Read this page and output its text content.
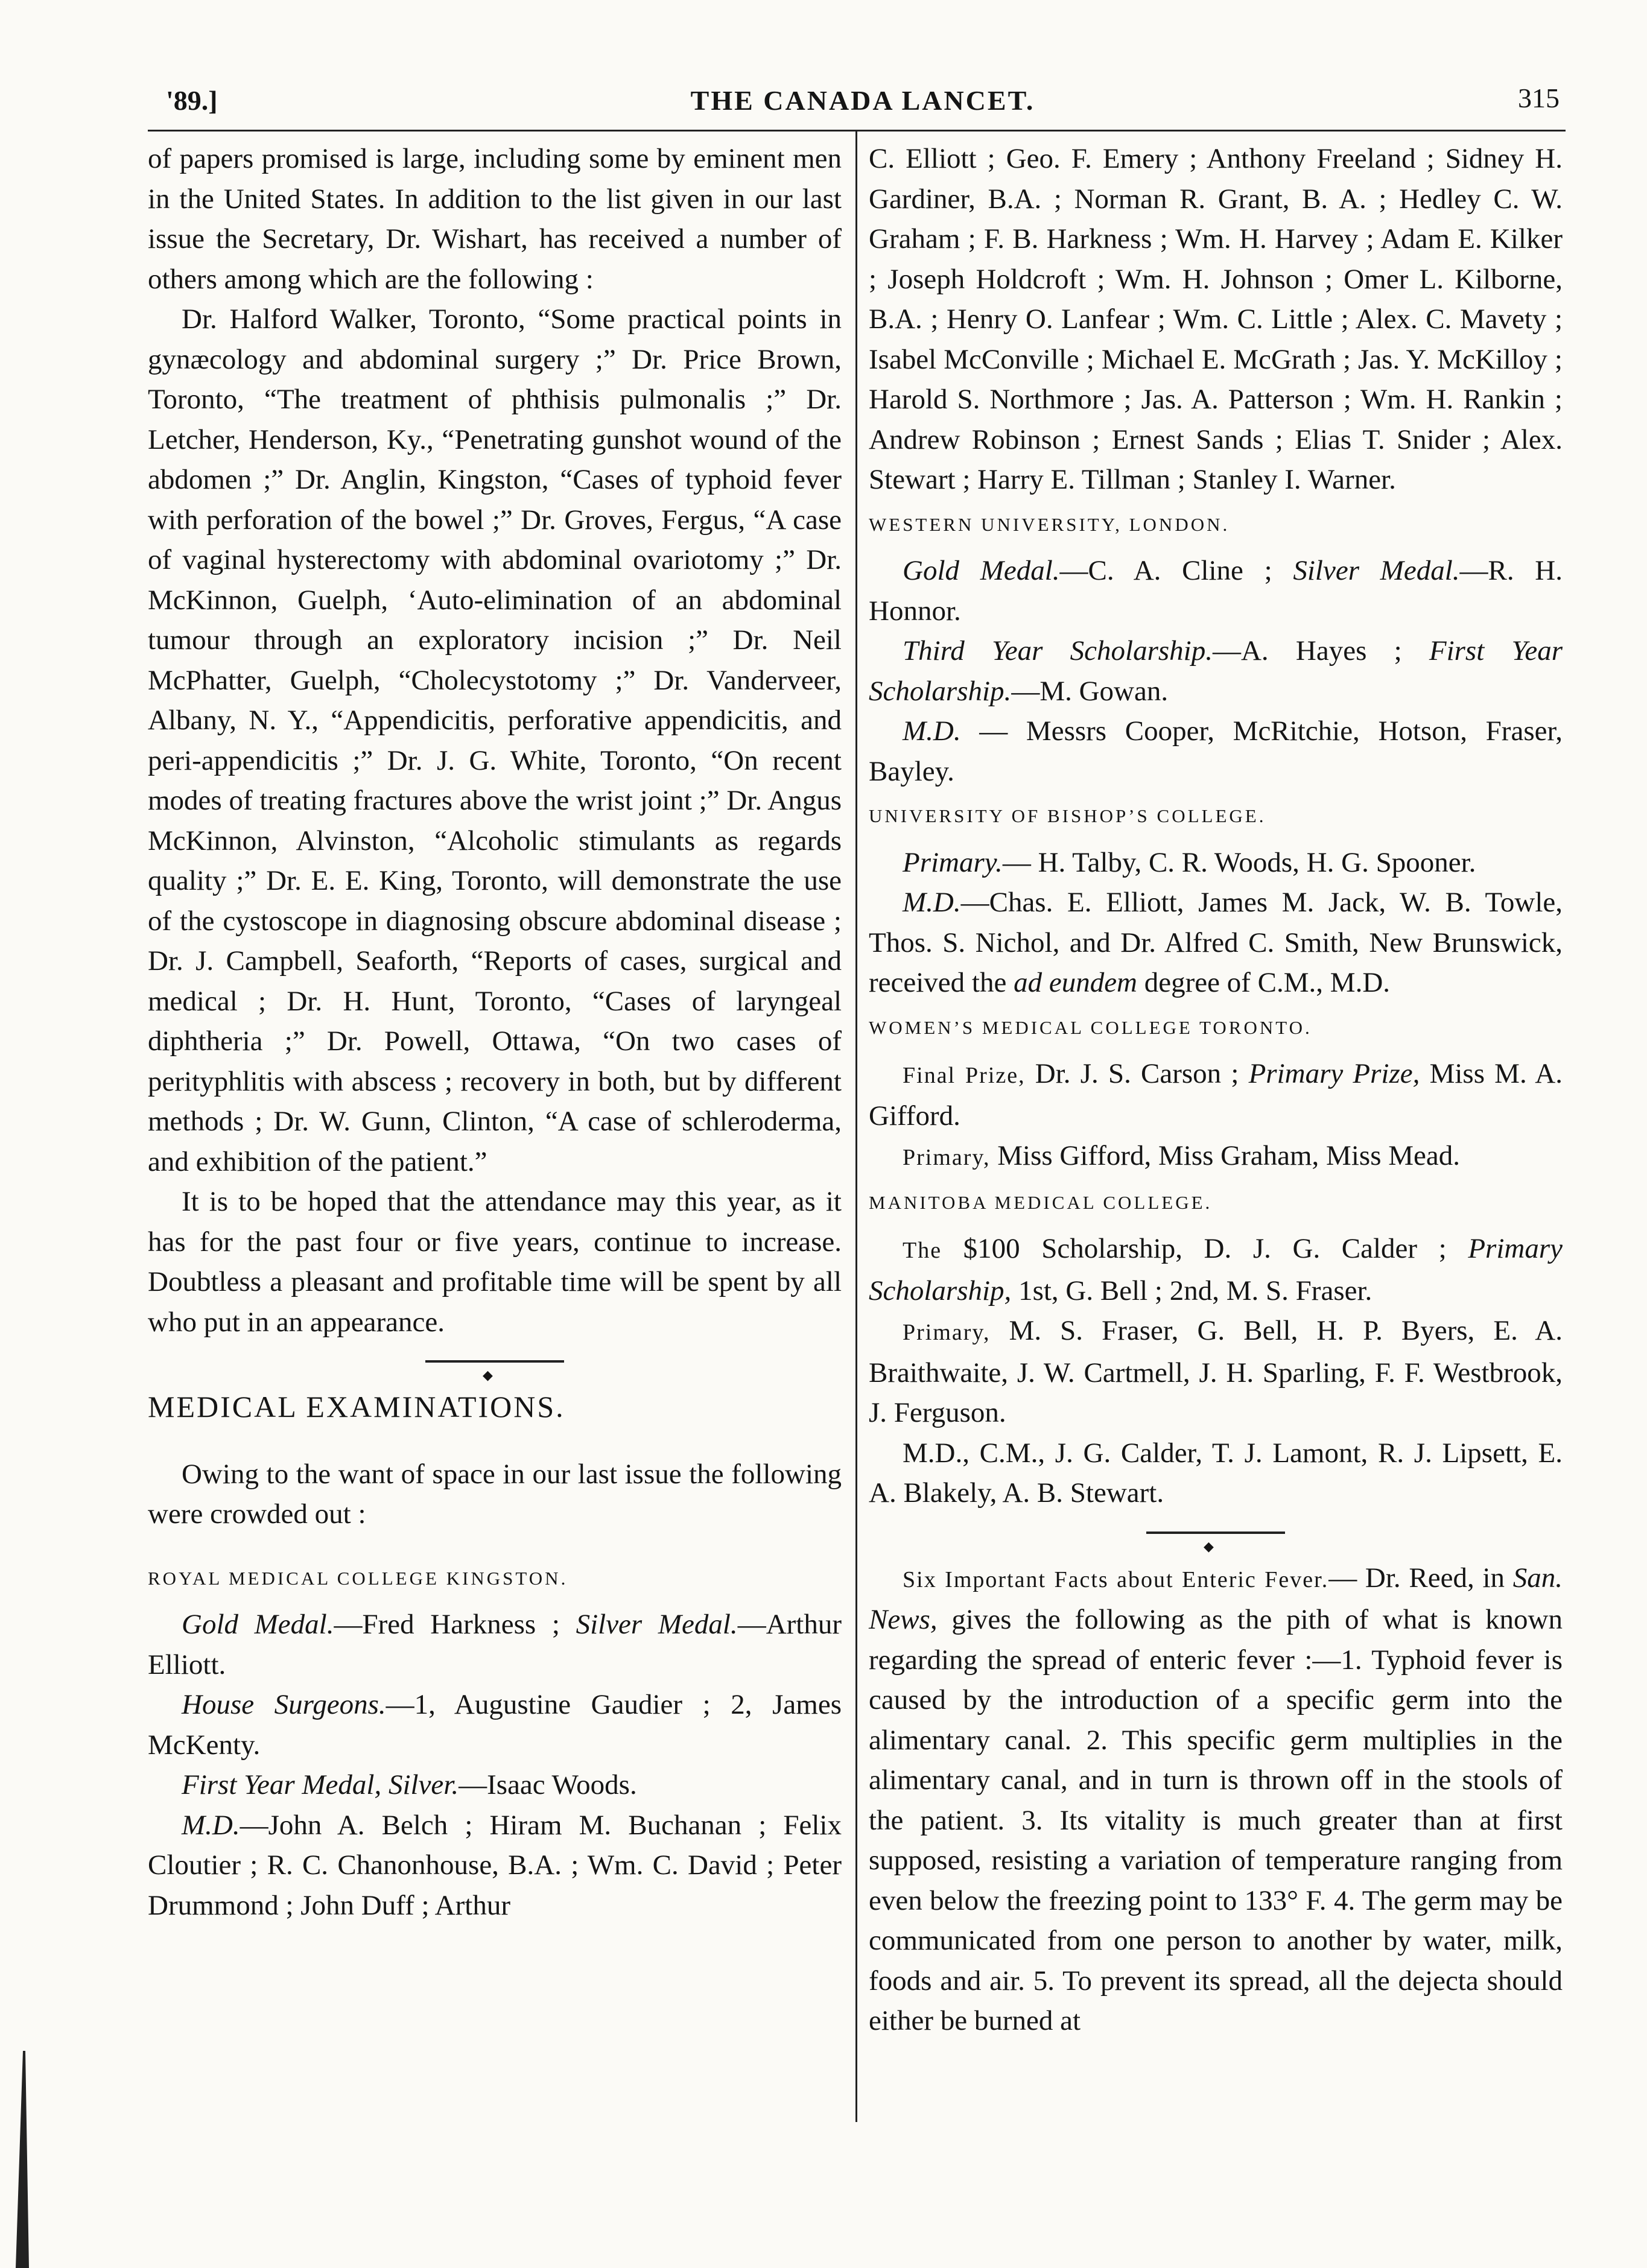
'89.]	THE CANADA LANCET.	315

of papers promised is large, including some by eminent men in the United States. In addition to the list given in our last issue the Secretary, Dr. Wishart, has received a number of others among which are the following :

Dr. Halford Walker, Toronto, “Some practical points in gynæcology and abdominal surgery ;” Dr. Price Brown, Toronto, “The treatment of phthisis pulmonalis ;” Dr. Letcher, Henderson, Ky., “Penetrating gunshot wound of the abdomen ;” Dr. Anglin, Kingston, “Cases of typhoid fever with perforation of the bowel ;” Dr. Groves, Fergus, “A case of vaginal hysterectomy with abdominal ovariotomy ;” Dr. McKinnon, Guelph, ‘Auto-elimination of an abdominal tumour through an exploratory incision ;” Dr. Neil McPhatter, Guelph, “Cholecystotomy ;” Dr. Vanderveer, Albany, N. Y., “Appendicitis, perforative appendicitis, and peri-appendicitis ;” Dr. J. G. White, Toronto, “On recent modes of treating fractures above the wrist joint ;” Dr. Angus McKinnon, Alvinston, “Alcoholic stimulants as regards quality ;” Dr. E. E. King, Toronto, will demonstrate the use of the cystoscope in diagnosing obscure abdominal disease ; Dr. J. Campbell, Seaforth, “Reports of cases, surgical and medical ; Dr. H. Hunt, Toronto, “Cases of laryngeal diphtheria ;” Dr. Powell, Ottawa, “On two cases of perityphlitis with abscess ; recovery in both, but by different methods ; Dr. W. Gunn, Clinton, “A case of schleroderma, and exhibition of the patient.”

It is to be hoped that the attendance may this year, as it has for the past four or five years, continue to increase. Doubtless a pleasant and profitable time will be spent by all who put in an appearance.

◆

MEDICAL EXAMINATIONS.

Owing to the want of space in our last issue the following were crowded out :

ROYAL MEDICAL COLLEGE KINGSTON.

Gold Medal.—Fred Harkness ; Silver Medal.—Arthur Elliott.

House Surgeons.—1, Augustine Gaudier ; 2, James McKenty.

First Year Medal, Silver.—Isaac Woods.

M.D.—John A. Belch ; Hiram M. Buchanan ; Felix Cloutier ; R. C. Chanonhouse, B.A. ; Wm. C. David ; Peter Drummond ; John Duff ; Arthur

C. Elliott ; Geo. F. Emery ; Anthony Freeland ; Sidney H. Gardiner, B.A. ; Norman R. Grant, B. A. ; Hedley C. W. Graham ; F. B. Harkness ; Wm. H. Harvey ; Adam E. Kilker ; Joseph Holdcroft ; Wm. H. Johnson ; Omer L. Kilborne, B.A. ; Henry O. Lanfear ; Wm. C. Little ; Alex. C. Mavety ; Isabel McConville ; Michael E. McGrath ; Jas. Y. McKilloy ; Harold S. Northmore ; Jas. A. Patterson ; Wm. H. Rankin ; Andrew Robinson ; Ernest Sands ; Elias T. Snider ; Alex. Stewart ; Harry E. Tillman ; Stanley I. Warner.

WESTERN UNIVERSITY, LONDON.

Gold Medal.—C. A. Cline ; Silver Medal.—R. H. Honnor.

Third Year Scholarship.—A. Hayes ; First Year Scholarship.—M. Gowan.

M.D. — Messrs Cooper, McRitchie, Hotson, Fraser, Bayley.

UNIVERSITY OF BISHOP’S COLLEGE.

Primary.— H. Talby, C. R. Woods, H. G. Spooner.

M.D.—Chas. E. Elliott, James M. Jack, W. B. Towle, Thos. S. Nichol, and Dr. Alfred C. Smith, New Brunswick, received the ad eundem degree of C.M., M.D.

WOMEN’S MEDICAL COLLEGE TORONTO.

Final Prize, Dr. J. S. Carson ; Primary Prize, Miss M. A. Gifford.

Primary, Miss Gifford, Miss Graham, Miss Mead.

MANITOBA MEDICAL COLLEGE.

The $100 Scholarship, D. J. G. Calder ; Primary Scholarship, 1st, G. Bell ; 2nd, M. S. Fraser.

Primary, M. S. Fraser, G. Bell, H. P. Byers, E. A. Braithwaite, J. W. Cartmell, J. H. Sparling, F. F. Westbrook, J. Ferguson.

M.D., C.M., J. G. Calder, T. J. Lamont, R. J. Lipsett, E. A. Blakely, A. B. Stewart.

◆

Six Important Facts about Enteric Fever.— Dr. Reed, in San. News, gives the following as the pith of what is known regarding the spread of enteric fever :—1. Typhoid fever is caused by the introduction of a specific germ into the alimentary canal. 2. This specific germ multiplies in the alimentary canal, and in turn is thrown off in the stools of the patient. 3. Its vitality is much greater than at first supposed, resisting a variation of temperature ranging from even below the freezing point to 133° F. 4. The germ may be communicated from one person to another by water, milk, foods and air. 5. To prevent its spread, all the dejecta should either be burned at
